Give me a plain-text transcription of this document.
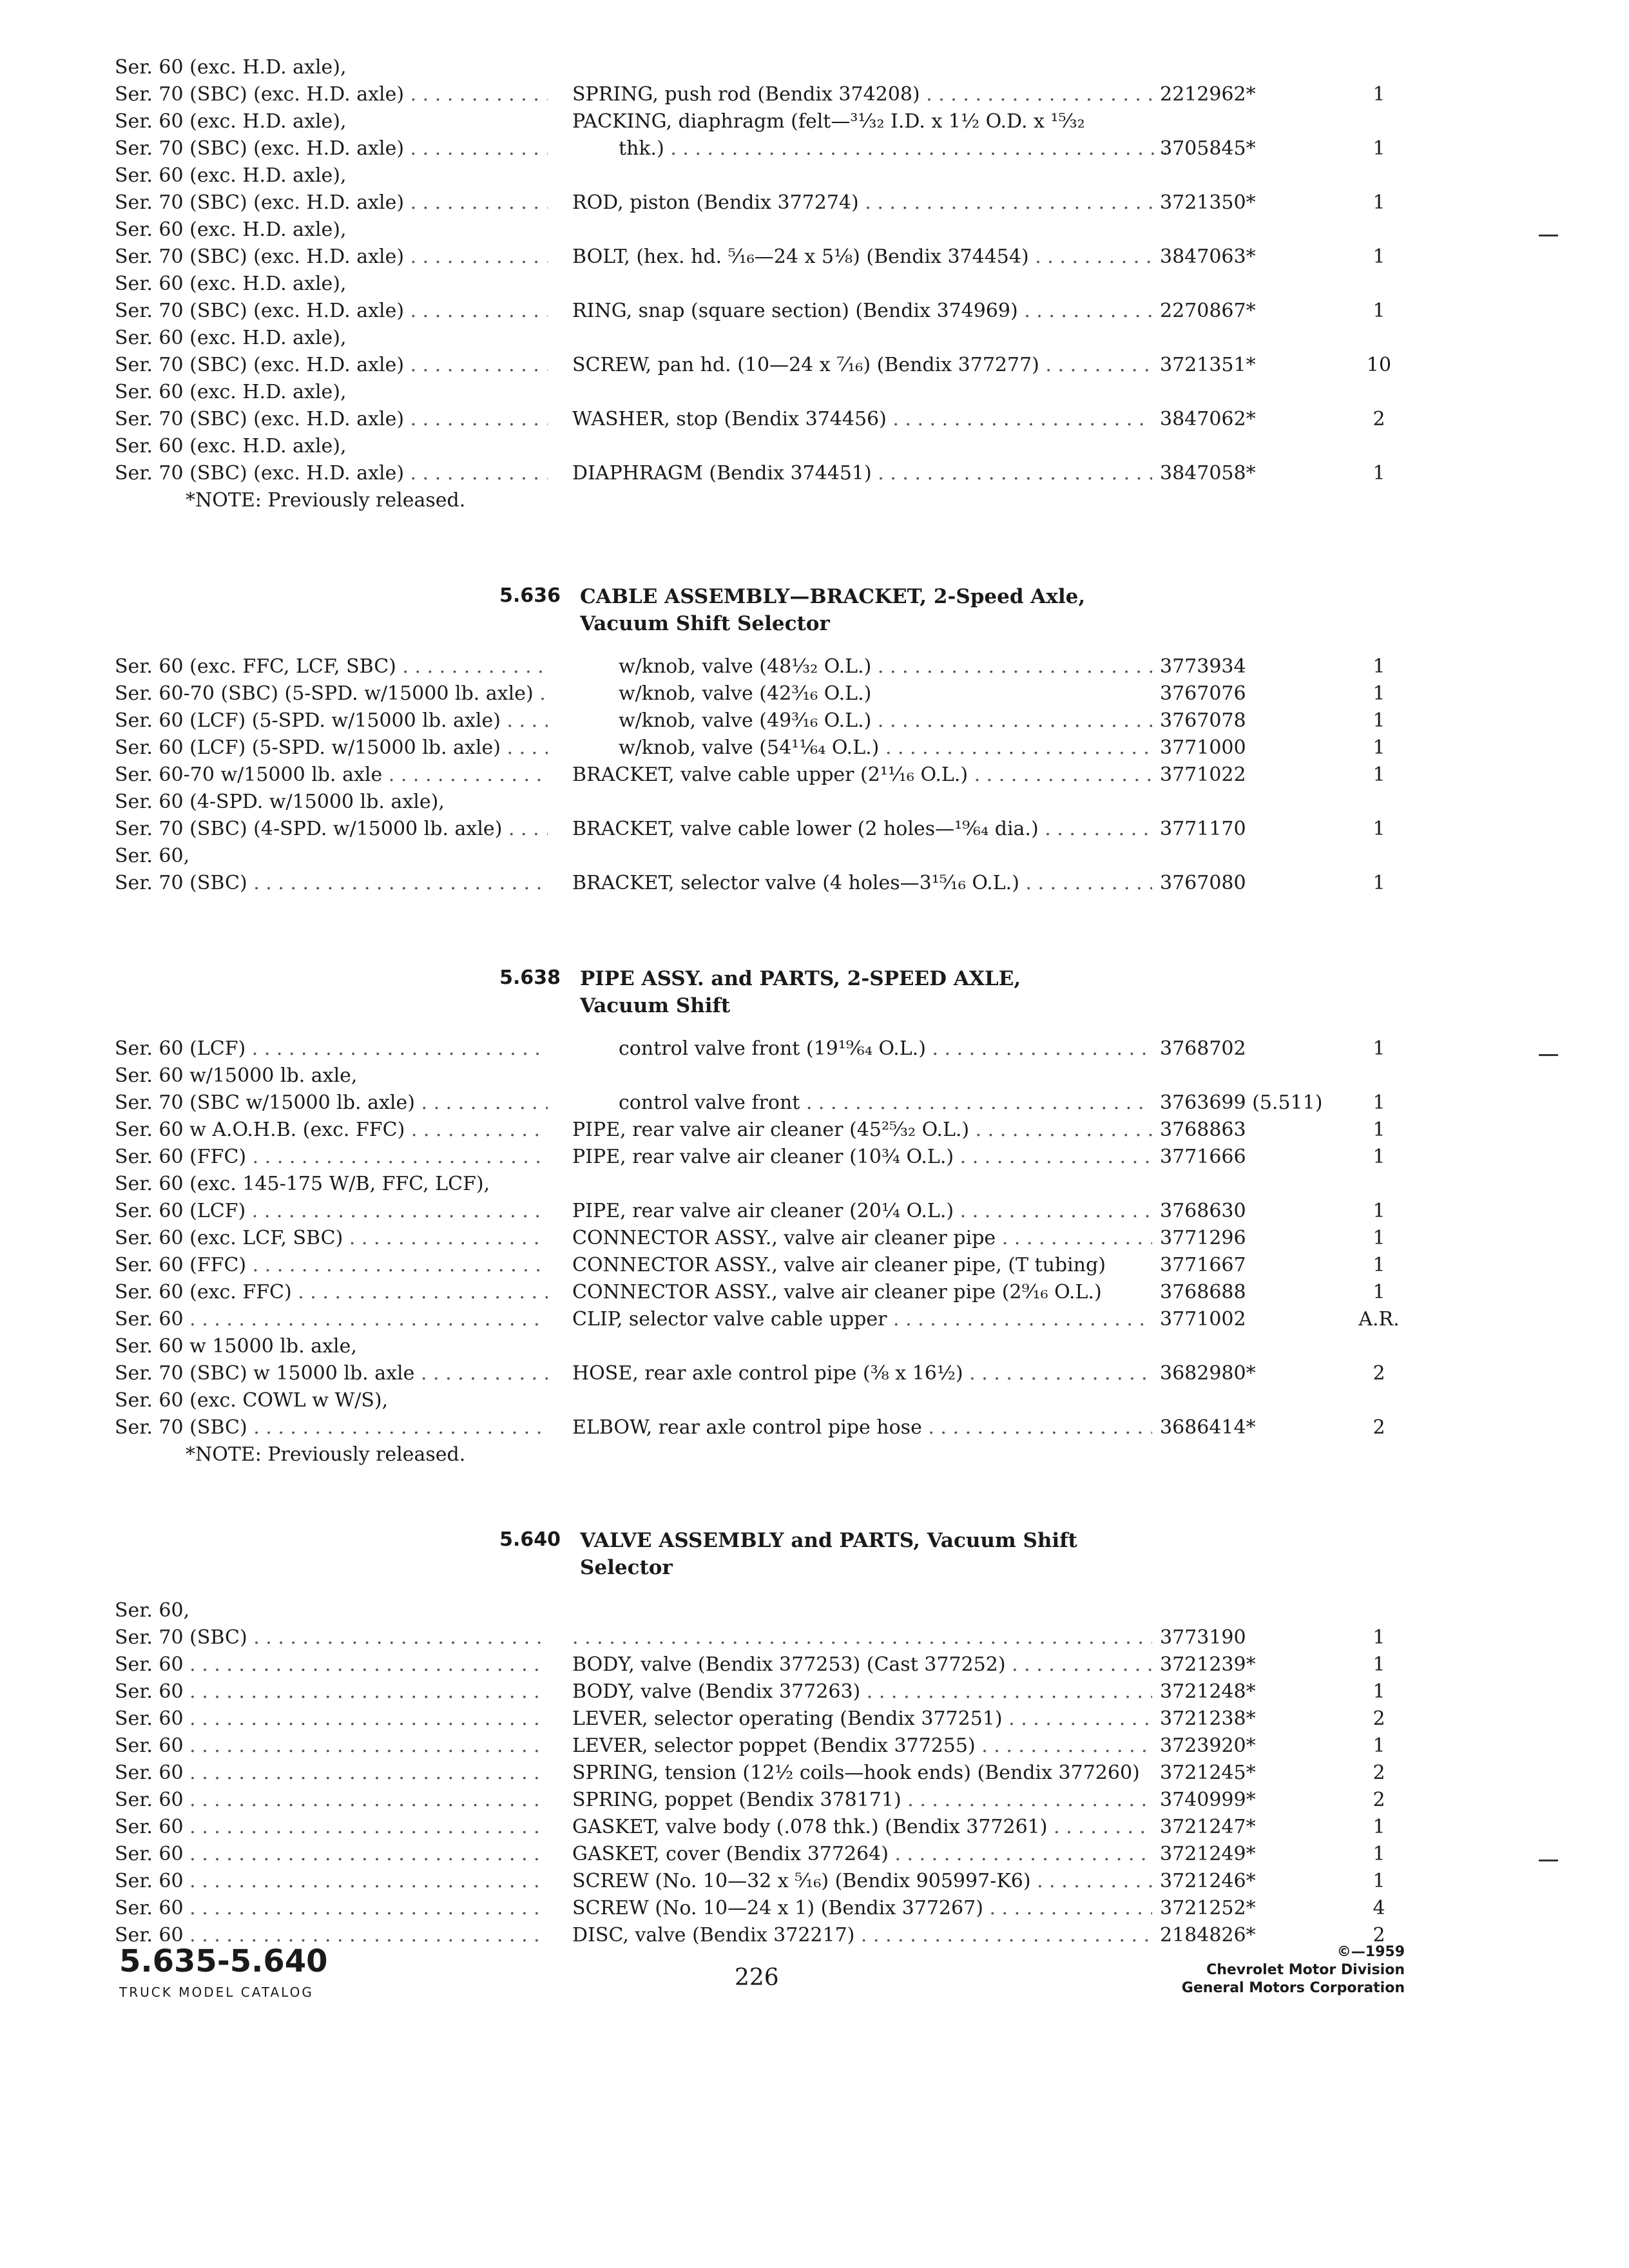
Ser. 60 (exc. H.D. axle),
Ser. 70 (SBC) (exc. H.D. axle) . . .	SPRING, push rod (Bendix 374208) . . .	2212962*	1
Ser. 60 (exc. H.D. axle),	PACKING, diaphragm (felt—³¹⁄₃₂ I.D. x 1½ O.D. x ¹⁵⁄₃₂
Ser. 70 (SBC) (exc. H.D. axle) . . .	thk.) . . .	3705845*	1
Ser. 60 (exc. H.D. axle),
Ser. 70 (SBC) (exc. H.D. axle) . . .	ROD, piston (Bendix 377274) . . .	3721350*	1
Ser. 60 (exc. H.D. axle),
Ser. 70 (SBC) (exc. H.D. axle) . . .	BOLT, (hex. hd. ⁵⁄₁₆—24 x 5⅛) (Bendix 374454) . . .	3847063*	1
Ser. 60 (exc. H.D. axle),
Ser. 70 (SBC) (exc. H.D. axle) . . .	RING, snap (square section) (Bendix 374969) . . .	2270867*	1
Ser. 60 (exc. H.D. axle),
Ser. 70 (SBC) (exc. H.D. axle) . . .	SCREW, pan hd. (10—24 x ⁷⁄₁₆) (Bendix 377277) . . .	3721351*	10
Ser. 60 (exc. H.D. axle),
Ser. 70 (SBC) (exc. H.D. axle) . . .	WASHER, stop (Bendix 374456) . . .	3847062*	2
Ser. 60 (exc. H.D. axle),
Ser. 70 (SBC) (exc. H.D. axle) . . .	DIAPHRAGM (Bendix 374451) . . .	3847058*	1
*NOTE: Previously released.
5.636 CABLE ASSEMBLY—BRACKET, 2-Speed Axle,
Vacuum Shift Selector
Ser. 60 (exc. FFC, LCF, SBC) . . .	w/knob, valve (48⅓₂ O.L.) . . .	3773934	1
Ser. 60-70 (SBC) (5-SPD. w/15000 lb. axle) . . .	w/knob, valve (42³⁄₁₆ O.L.)	3767076	1
Ser. 60 (LCF) (5-SPD. w/15000 lb. axle) . . .	w/knob, valve (49³⁄₁₆ O.L.) . . .	3767078	1
Ser. 60 (LCF) (5-SPD. w/15000 lb. axle) . . .	w/knob, valve (54¹¹⁄₆₄ O.L.) . . .	3771000	1
Ser. 60-70 w/15000 lb. axle . . .	BRACKET, valve cable upper (2¹¹⁄₁₆ O.L.) . . .	3771022	1
Ser. 60 (4-SPD. w/15000 lb. axle),
Ser. 70 (SBC) (4-SPD. w/15000 lb. axle) . . .	BRACKET, valve cable lower (2 holes—¹⁹⁄₆₄ dia.) . . .	3771170	1
Ser. 60,
Ser. 70 (SBC) . . .	BRACKET, selector valve (4 holes—3¹⁵⁄₁₆ O.L.) . . .	3767080	1
5.638 PIPE ASSY. and PARTS, 2-SPEED AXLE,
Vacuum Shift
Ser. 60 (LCF) . . .	control valve front (19¹⁹⁄₆₄ O.L.) . . .	3768702	1
Ser. 60 w/15000 lb. axle,
Ser. 70 (SBC w/15000 lb. axle) . . .	control valve front . . .	3763699 (5.511)	1
Ser. 60 w A.O.H.B. (exc. FFC) . . .	PIPE, rear valve air cleaner (45²⁵⁄₃₂ O.L.) . . .	3768863	1
Ser. 60 (FFC) . . .	PIPE, rear valve air cleaner (10¾ O.L.) . . .	3771666	1
Ser. 60 (exc. 145-175 W/B, FFC, LCF),
Ser. 60 (LCF) . . .	PIPE, rear valve air cleaner (20¼ O.L.) . . .	3768630	1
Ser. 60 (exc. LCF, SBC) . . .	CONNECTOR ASSY., valve air cleaner pipe . . .	3771296	1
Ser. 60 (FFC) . . .	CONNECTOR ASSY., valve air cleaner pipe, (T tubing)	3771667	1
Ser. 60 (exc. FFC) . . .	CONNECTOR ASSY., valve air cleaner pipe (2⁹⁄₁₆ O.L.)	3768688	1
Ser. 60 . . .	CLIP, selector valve cable upper . . .	3771002	A.R.
Ser. 60 w 15000 lb. axle,
Ser. 70 (SBC) w 15000 lb. axle . . .	HOSE, rear axle control pipe (⅜ x 16½) . . .	3682980*	2
Ser. 60 (exc. COWL w W/S),
Ser. 70 (SBC) . . .	ELBOW, rear axle control pipe hose . . .	3686414*	2
*NOTE: Previously released.
5.640 VALVE ASSEMBLY and PARTS, Vacuum Shift
Selector
Ser. 60,
Ser. 70 (SBC) . . .
. . .	3773190	1
Ser. 60 . . .	BODY, valve (Bendix 377253) (Cast 377252) . . .	3721239*	1
Ser. 60 . . .	BODY, valve (Bendix 377263) . . .	3721248*	1
Ser. 60 . . .	LEVER, selector operating (Bendix 377251) . . .	3721238*	2
Ser. 60 . . .	LEVER, selector poppet (Bendix 377255) . . .	3723920*	1
Ser. 60 . . .	SPRING, tension (12½ coils—hook ends) (Bendix 377260)	3721245*	2
Ser. 60 . . .	SPRING, poppet (Bendix 378171) . . .	3740999*	2
Ser. 60 . . .	GASKET, valve body (.078 thk.) (Bendix 377261) . . .	3721247*	1
Ser. 60 . . .	GASKET, cover (Bendix 377264) . . .	3721249*	1
Ser. 60 . . .	SCREW (No. 10—32 x ⁵⁄₁₆) (Bendix 905997-K6) . . .	3721246*	1
Ser. 60 . . .	SCREW (No. 10—24 x 1) (Bendix 377267) . . .	3721252*	4
Ser. 60 . . .	DISC, valve (Bendix 372217) . . .	2184826*	2
5.635-5.640
TRUCK MODEL CATALOG
226
©—1959
Chevrolet Motor Division
General Motors Corporation
